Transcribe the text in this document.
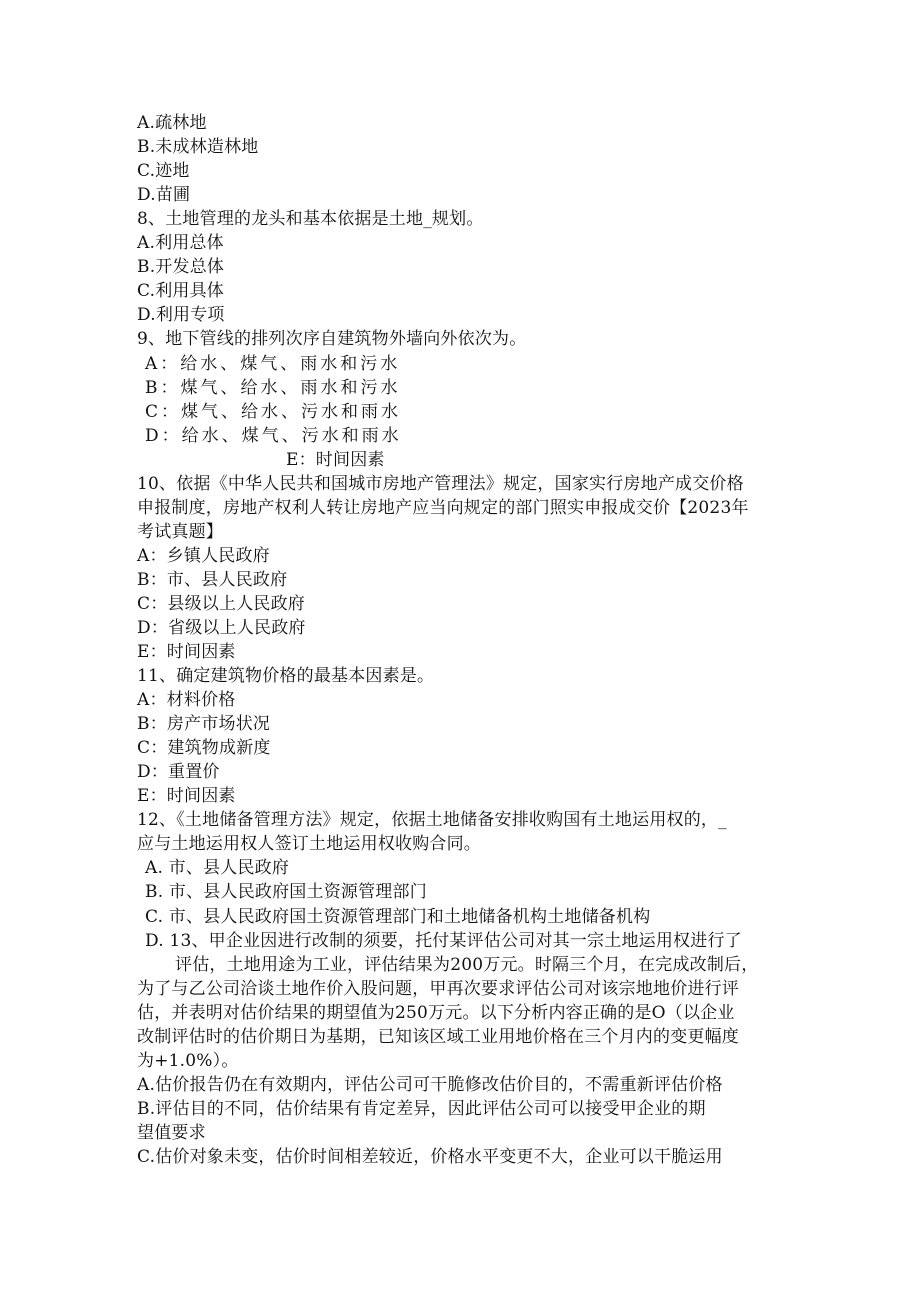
A.疏林地
B.未成林造林地
C.迹地
D.苗圃
8、土地管理的龙头和基本依据是土地_规划。
A.利用总体
B.开发总体
C.利用具体
D.利用专项
9、地下管线的排列次序自建筑物外墙向外依次为。
A：给水、煤气、雨水和污水
B：煤气、给水、雨水和污水
C：煤气、给水、污水和雨水
D：给水、煤气、污水和雨水
E：时间因素
10、依据《中华人民共和国城市房地产管理法》规定，国家实行房地产成交价格
申报制度，房地产权利人转让房地产应当向规定的部门照实申报成交价【2023年
考试真题】
A：乡镇人民政府
B：市、县人民政府
C：县级以上人民政府
D：省级以上人民政府
E：时间因素
11、确定建筑物价格的最基本因素是。
A：材料价格
B：房产市场状况
C：建筑物成新度
D：重置价
E：时间因素
12、《土地储备管理方法》规定，依据土地储备安排收购国有土地运用权的，_
应与土地运用权人签订土地运用权收购合同。
A. 市、县人民政府
B. 市、县人民政府国土资源管理部门
C. 市、县人民政府国土资源管理部门和土地储备机构土地储备机构
D. 13、甲企业因进行改制的须要，托付某评估公司对其一宗土地运用权进行了
评估，土地用途为工业，评估结果为200万元。时隔三个月，在完成改制后，
为了与乙公司洽谈土地作价入股问题，甲再次要求评估公司对该宗地地价进行评
估，并表明对估价结果的期望值为250万元。以下分析内容正确的是O（以企业
改制评估时的估价期日为基期，已知该区域工业用地价格在三个月内的变更幅度
为+1.0%）。
A.估价报告仍在有效期内，评估公司可干脆修改估价目的，不需重新评估价格
B.评估目的不同，估价结果有肯定差异，因此评估公司可以接受甲企业的期
望值要求
C.估价对象未变，估价时间相差较近，价格水平变更不大，企业可以干脆运用
